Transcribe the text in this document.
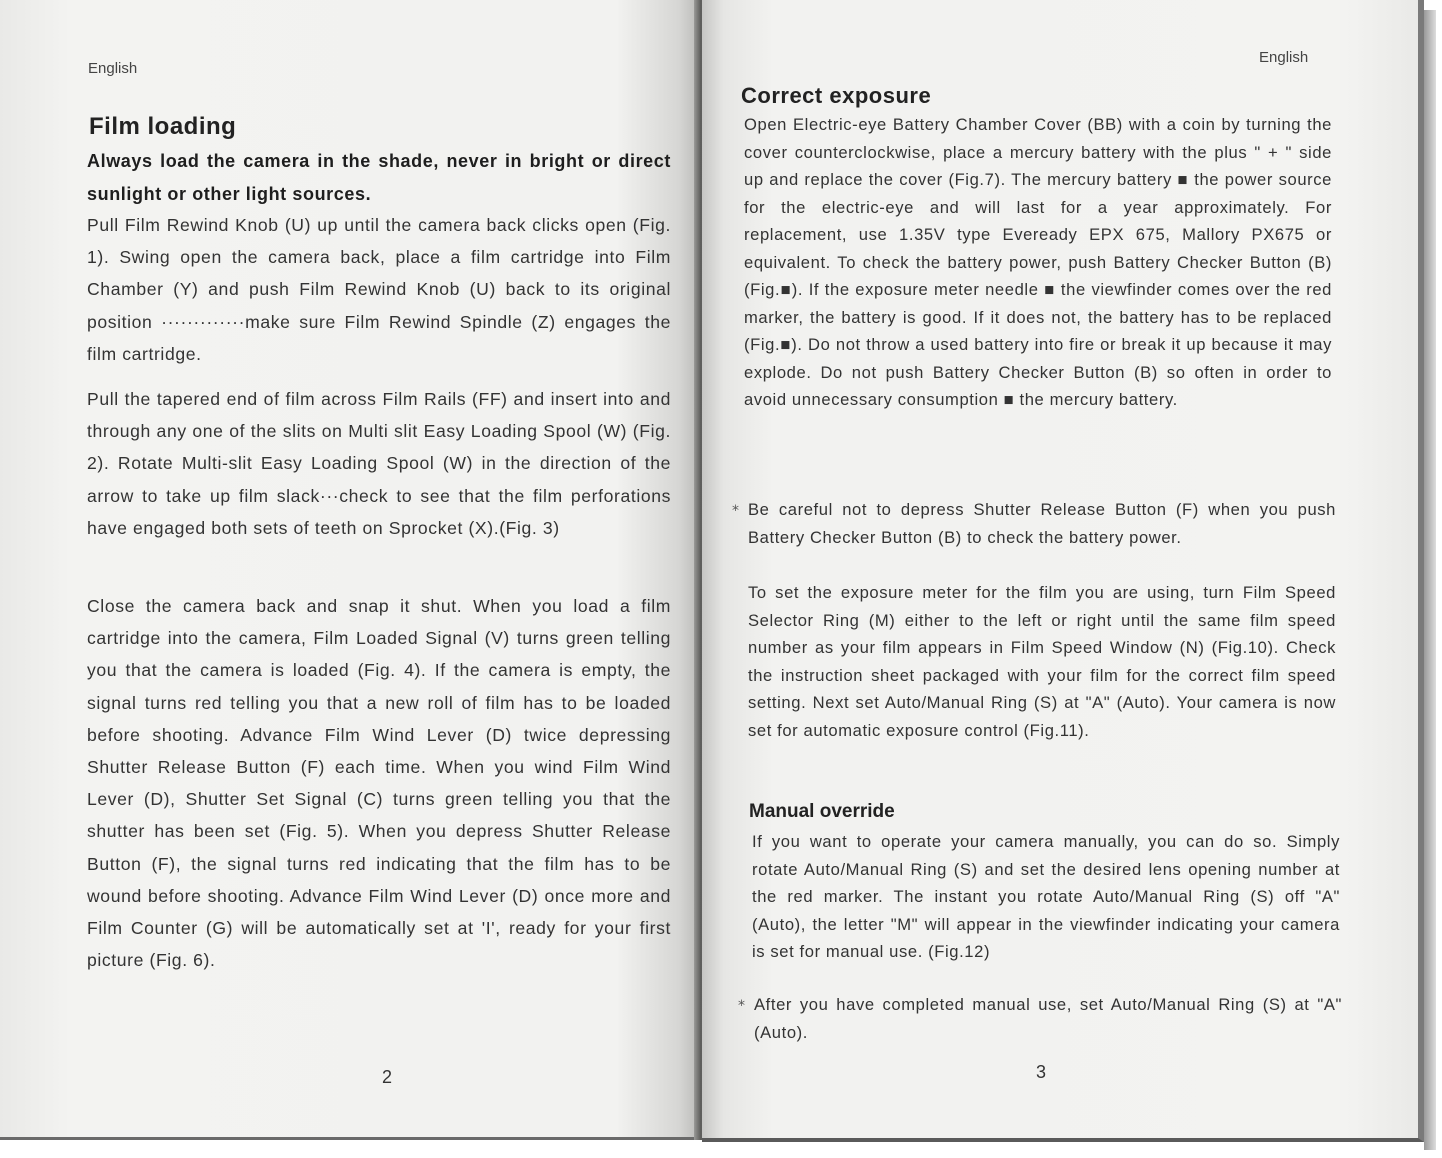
English
Film loading
Always load the camera in the shade, never in bright or direct sunlight or other light sources.
Pull Film Rewind Knob (U) up until the camera back clicks open (Fig. 1). Swing open the camera back, place a film cartridge into Film Chamber (Y) and push Film Rewind Knob (U) back to its original position ·············make sure Film Rewind Spindle (Z) engages the film cartridge.
Pull the tapered end of film across Film Rails (FF) and insert into and through any one of the slits on Multi slit Easy Loading Spool (W) (Fig. 2). Rotate Multi-slit Easy Loading Spool (W) in the direction of the arrow to take up film slack···check to see that the film perforations have engaged both sets of teeth on Sprocket (X).(Fig. 3)
Close the camera back and snap it shut. When you load a film cartridge into the camera, Film Loaded Signal (V) turns green telling you that the camera is loaded (Fig. 4). If the camera is empty, the signal turns red telling you that a new roll of film has to be loaded before shooting. Advance Film Wind Lever (D) twice depressing Shutter Release Button (F) each time. When you wind Film Wind Lever (D), Shutter Set Signal (C) turns green telling you that the shutter has been set (Fig. 5). When you depress Shutter Release Button (F), the signal turns red indicating that the film has to be wound before shooting. Advance Film Wind Lever (D) once more and Film Counter (G) will be automatically set at 'I', ready for your first picture (Fig. 6).
2
English
Correct exposure
Open Electric-eye Battery Chamber Cover (BB) with a coin by turning the cover counterclockwise, place a mercury battery with the plus " + " side up and replace the cover (Fig.7). The mercury battery ■ the power source for the electric-eye and will last for a year approximately. For replacement, use 1.35V type Eveready EPX 675, Mallory PX675 or equivalent. To check the battery power, push Battery Checker Button (B) (Fig.■). If the exposure meter needle ■ the viewfinder comes over the red marker, the battery is good. If it does not, the battery has to be replaced (Fig.■). Do not throw a used battery into fire or break it up because it may explode. Do not push Battery Checker Button (B) so often in order to avoid unnecessary consumption ■ the mercury battery.
* Be careful not to depress Shutter Release Button (F) when you push Battery Checker Button (B) to check the battery power.
To set the exposure meter for the film you are using, turn Film Speed Selector Ring (M) either to the left or right until the same film speed number as your film appears in Film Speed Window (N) (Fig.10). Check the instruction sheet packaged with your film for the correct film speed setting. Next set Auto/Manual Ring (S) at "A" (Auto). Your camera is now set for automatic exposure control (Fig.11).
Manual override
If you want to operate your camera manually, you can do so. Simply rotate Auto/Manual Ring (S) and set the desired lens opening number at the red marker. The instant you rotate Auto/Manual Ring (S) off "A" (Auto), the letter "M" will appear in the viewfinder indicating your camera is set for manual use. (Fig.12)
* After you have completed manual use, set Auto/Manual Ring (S) at "A" (Auto).
3
